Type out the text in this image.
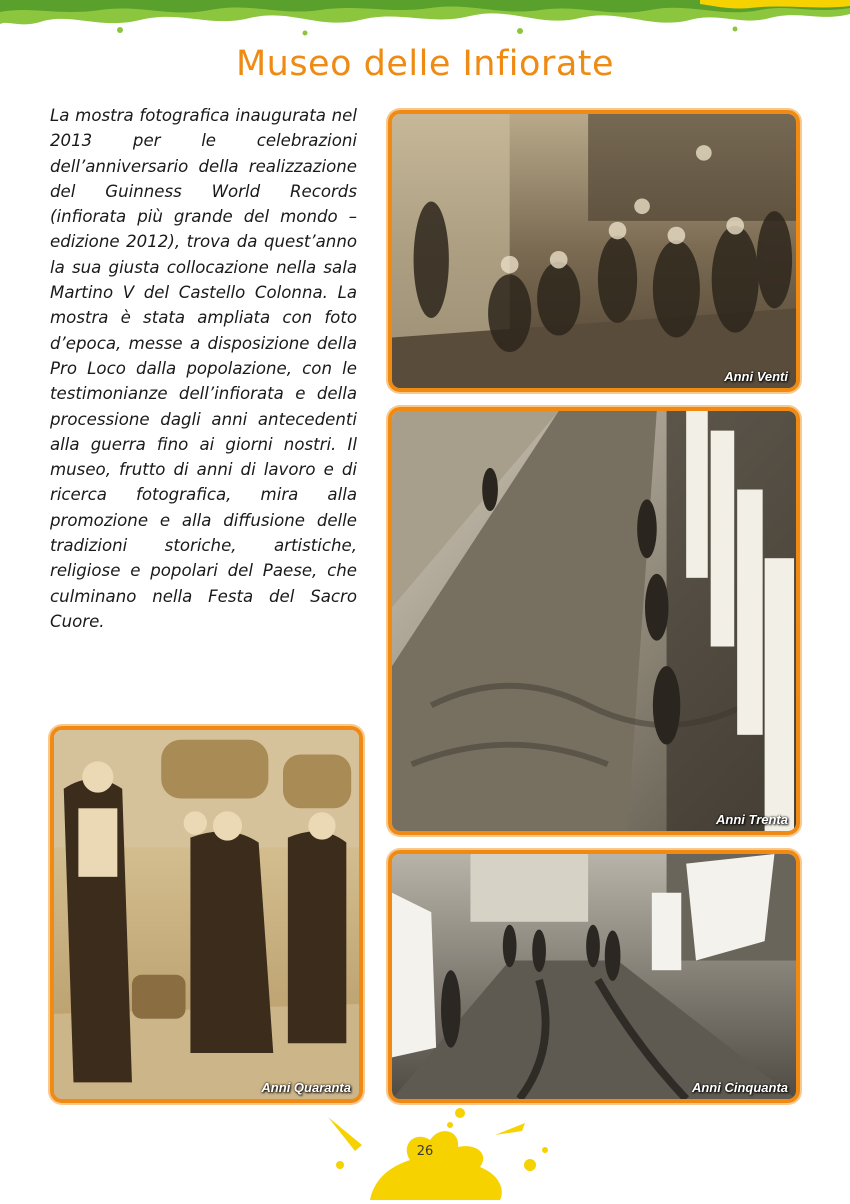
Museo delle Infiorate

La mostra fotografica inaugurata nel 2013 per le celebrazioni dell’anniversario della realizzazione del Guinness World Records (infiorata più grande del mondo – edizione 2012), trova da quest’anno la sua giusta collocazione nella sala Martino V del Castello Colonna. La mostra è stata ampliata con foto d’epoca, messe a disposizione della Pro Loco dalla popolazione, con le testimonianze dell’infiorata e della processione dagli anni antecedenti alla guerra fino ai giorni nostri. Il museo, frutto di anni di lavoro e di ricerca fotografica, mira alla promozione e alla diffusione delle tradizioni storiche, artistiche, religiose e popolari del Paese, che culminano nella Festa del Sacro Cuore.

Anni Venti
Anni Trenta
Anni Quaranta	Anni Cinquanta
26
